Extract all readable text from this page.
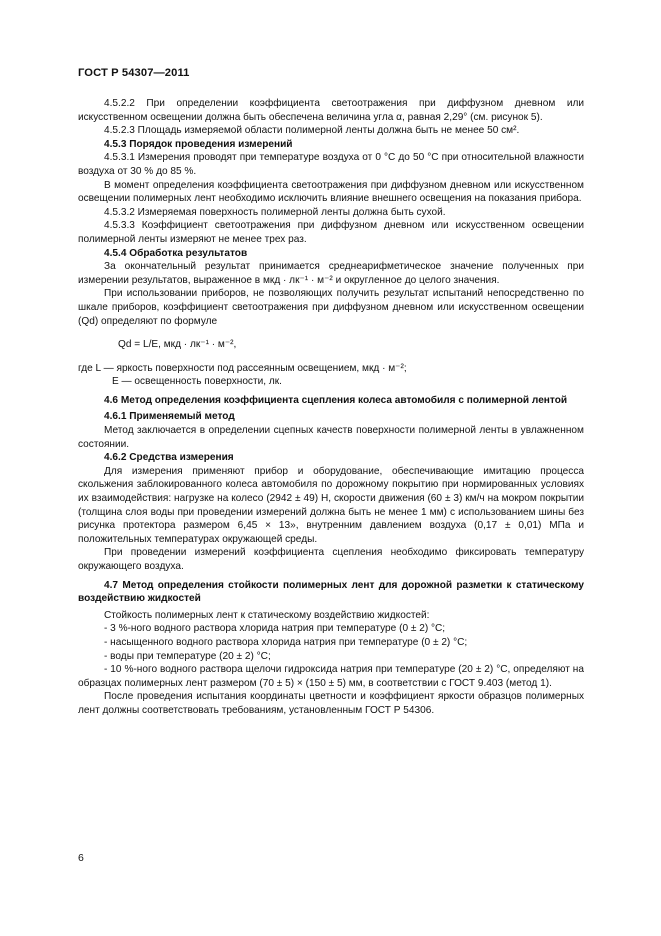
ГОСТ Р 54307—2011

4.5.2.2 При определении коэффициента светоотражения при диффузном дневном или искусственном освещении должна быть обеспечена величина угла α, равная 2,29° (см. рисунок 5).

4.5.2.3 Площадь измеряемой области полимерной ленты должна быть не менее 50 см².

4.5.3 Порядок проведения измерений

4.5.3.1 Измерения проводят при температуре воздуха от 0 °С до 50 °С при относительной влажности воздуха от 30 % до 85 %.

В момент определения коэффициента светоотражения при диффузном дневном или искусственном освещении полимерных лент необходимо исключить влияние внешнего освещения на показания прибора.

4.5.3.2 Измеряемая поверхность полимерной ленты должна быть сухой.

4.5.3.3 Коэффициент светоотражения при диффузном дневном или искусственном освещении полимерной ленты измеряют не менее трех раз.

4.5.4 Обработка результатов

За окончательный результат принимается среднеарифметическое значение полученных при измерении результатов, выраженное в мкд · лк⁻¹ · м⁻² и округленное до целого значения.

При использовании приборов, не позволяющих получить результат испытаний непосредственно по шкале приборов, коэффициент светоотражения при диффузном дневном или искусственном освещении (Qd) определяют по формуле

Qd = L/E, мкд · лк⁻¹ · м⁻²,

где L — яркость поверхности под рассеянным освещением, мкд · м⁻²;

E — освещенность поверхности, лк.

4.6 Метод определения коэффициента сцепления колеса автомобиля с полимерной лентой

4.6.1 Применяемый метод

Метод заключается в определении сцепных качеств поверхности полимерной ленты в увлажненном состоянии.

4.6.2 Средства измерения

Для измерения применяют прибор и оборудование, обеспечивающие имитацию процесса скольжения заблокированного колеса автомобиля по дорожному покрытию при нормированных условиях их взаимодействия: нагрузке на колесо (2942 ± 49) Н, скорости движения (60 ± 3) км/ч на мокром покрытии (толщина слоя воды при проведении измерений должна быть не менее 1 мм) с использованием шины без рисунка протектора размером 6,45 × 13», внутренним давлением воздуха (0,17 ± 0,01) МПа и положительных температурах окружающей среды.

При проведении измерений коэффициента сцепления необходимо фиксировать температуру окружающего воздуха.

4.7 Метод определения стойкости полимерных лент для дорожной разметки к статическому воздействию жидкостей

Стойкость полимерных лент к статическому воздействию жидкостей:

- 3 %-ного водного раствора хлорида натрия при температуре (0 ± 2) °С;

- насыщенного водного раствора хлорида натрия при температуре (0 ± 2) °С;

- воды при температуре (20 ± 2) °С;

- 10 %-ного водного раствора щелочи гидроксида натрия при температуре (20 ± 2) °С, определяют на образцах полимерных лент размером (70 ± 5) × (150 ± 5) мм, в соответствии с ГОСТ 9.403 (метод 1).

После проведения испытания координаты цветности и коэффициент яркости образцов полимерных лент должны соответствовать требованиям, установленным ГОСТ Р 54306.

6
